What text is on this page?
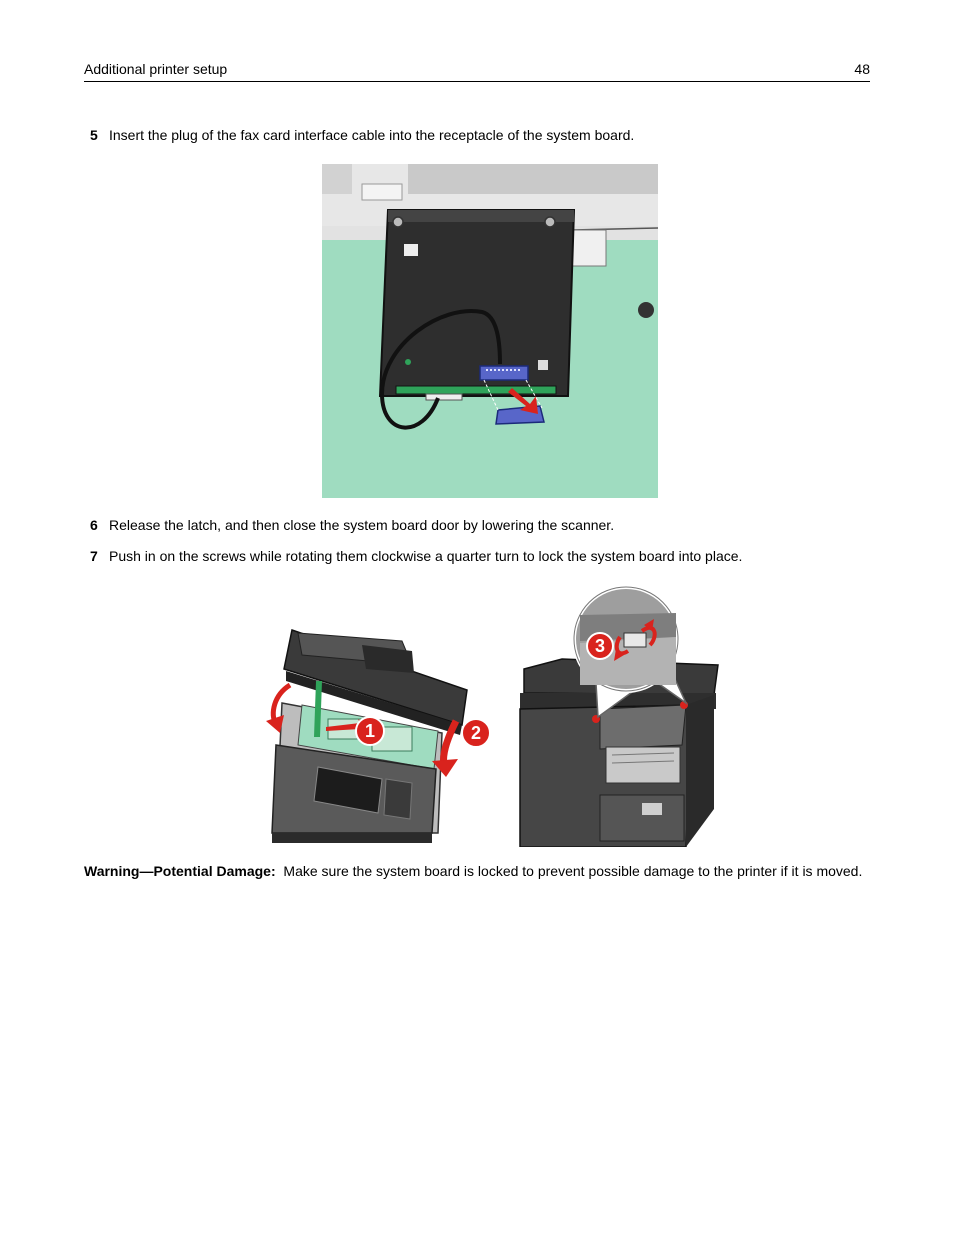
Additional printer setup	48
5 Insert the plug of the fax card interface cable into the receptacle of the system board.
6 Release the latch, and then close the system board door by lowering the scanner.
7 Push in on the screws while rotating them clockwise a quarter turn to lock the system board into place.
1	2
3
Warning—Potential Damage: Make sure the system board is locked to prevent possible damage to the printer if it is moved.
